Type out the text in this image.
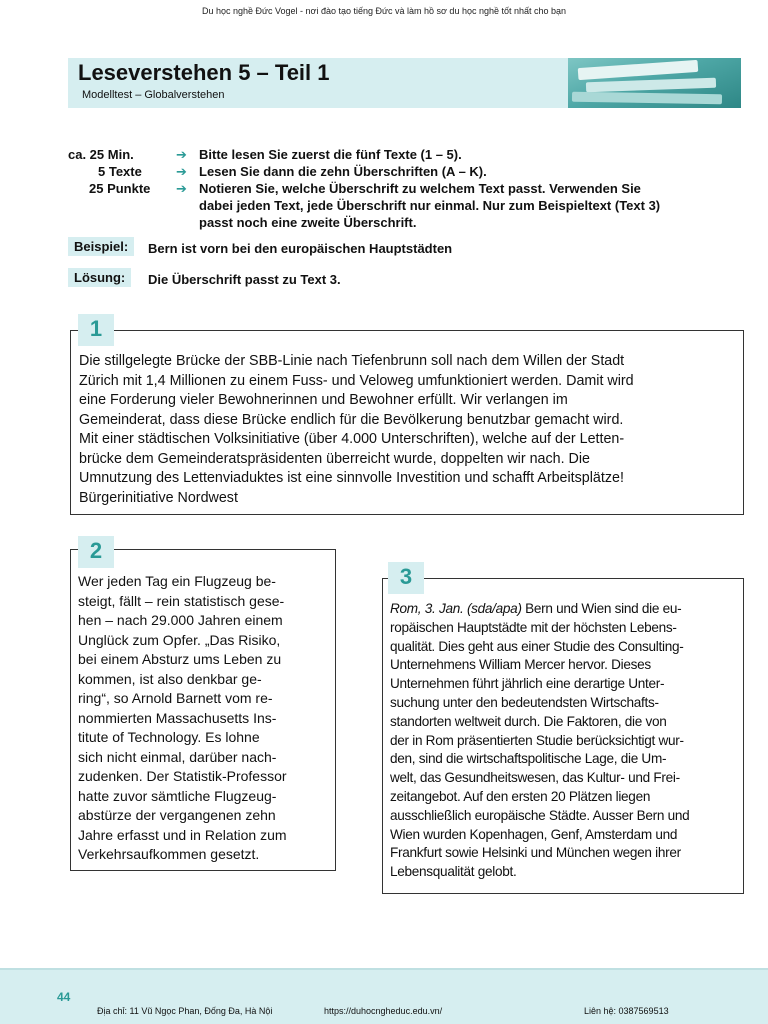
Du học nghề Đức Vogel - nơi đào tạo tiếng Đức và làm hồ sơ du học nghề tốt nhất cho bạn
Leseverstehen 5 – Teil 1
Modelltest – Globalverstehen
ca. 25 Min.	➔ Bitte lesen Sie zuerst die fünf Texte (1 – 5).
5 Texte	➔ Lesen Sie dann die zehn Überschriften (A – K).
25 Punkte	➔ Notieren Sie, welche Überschrift zu welchem Text passt. Verwenden Sie
dabei jeden Text, jede Überschrift nur einmal. Nur zum Beispieltext (Text 3)
passt noch eine zweite Überschrift.
Beispiel:	Bern ist vorn bei den europäischen Hauptstädten
Lösung:	Die Überschrift passt zu Text 3.
1
Die stillgelegte Brücke der SBB-Linie nach Tiefenbrunn soll nach dem Willen der Stadt
Zürich mit 1,4 Millionen zu einem Fuss- und Veloweg umfunktioniert werden. Damit wird
eine Forderung vieler Bewohnerinnen und Bewohner erfüllt. Wir verlangen im
Gemeinderat, dass diese Brücke endlich für die Bevölkerung benutzbar gemacht wird.
Mit einer städtischen Volksinitiative (über 4.000 Unterschriften), welche auf der Letten-
brücke dem Gemeinderatspräsidenten überreicht wurde, doppelten wir nach. Die
Umnutzung des Lettenviaduktes ist eine sinnvolle Investition und schafft Arbeitsplätze!
Bürgerinitiative Nordwest
2
Wer jeden Tag ein Flugzeug be-
steigt, fällt – rein statistisch gese-
hen – nach 29.000 Jahren einem
Unglück zum Opfer. „Das Risiko,
bei einem Absturz ums Leben zu
kommen, ist also denkbar ge-
ring“, so Arnold Barnett vom re-
nommierten Massachusetts Ins-
titute of Technology. Es lohne
sich nicht einmal, darüber nach-
zudenken. Der Statistik-Professor
hatte zuvor sämtliche Flugzeug-
abstürze der vergangenen zehn
Jahre erfasst und in Relation zum
Verkehrsaufkommen gesetzt.
3
Rom, 3. Jan. (sda/apa) Bern und Wien sind die eu-
ropäischen Hauptstädte mit der höchsten Lebens-
qualität. Dies geht aus einer Studie des Consulting-
Unternehmens William Mercer hervor. Dieses
Unternehmen führt jährlich eine derartige Unter-
suchung unter den bedeutendsten Wirtschafts-
standorten weltweit durch. Die Faktoren, die von
der in Rom präsentierten Studie berücksichtigt wur-
den, sind die wirtschaftspolitische Lage, die Um-
welt, das Gesundheitswesen, das Kultur- und Frei-
zeitangebot. Auf den ersten 20 Plätzen liegen
ausschließlich europäische Städte. Ausser Bern und
Wien wurden Kopenhagen, Genf, Amsterdam und
Frankfurt sowie Helsinki und München wegen ihrer
Lebensqualität gelobt.
44
Địa chỉ: 11 Vũ Ngọc Phan, Đống Đa, Hà Nội	https://duhocngheduc.edu.vn/	Liên hệ: 0387569513
